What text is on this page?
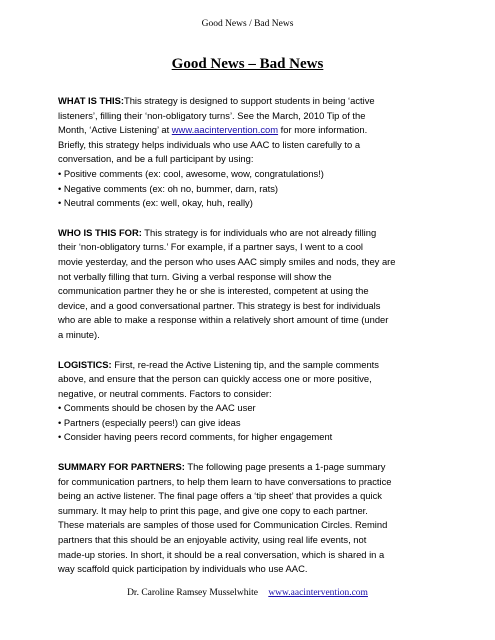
Good News / Bad News
Good News – Bad News

WHAT IS THIS:This strategy is designed to support students in being ‘active
listeners’, filling their ‘non-obligatory turns’. See the March, 2010 Tip of the
Month, ‘Active Listening’ at www.aacintervention.com for more information.
Briefly, this strategy helps individuals who use AAC to listen carefully to a
conversation, and be a full participant by using:

• Positive comments (ex: cool, awesome, wow, congratulations!)
• Negative comments (ex: oh no, bummer, darn, rats)
• Neutral comments (ex: well, okay, huh, really)

WHO IS THIS FOR: This strategy is for individuals who are not already filling
their ‘non-obligatory turns.’ For example, if a partner says, I went to a cool
movie yesterday, and the person who uses AAC simply smiles and nods, they are
not verbally filling that turn. Giving a verbal response will show the
communication partner they he or she is interested, competent at using the
device, and a good conversational partner. This strategy is best for individuals
who are able to make a response within a relatively short amount of time (under
a minute).

LOGISTICS: First, re-read the Active Listening tip, and the sample comments
above, and ensure that the person can quickly access one or more positive,
negative, or neutral comments. Factors to consider:

• Comments should be chosen by the AAC user
• Partners (especially peers!) can give ideas
• Consider having peers record comments, for higher engagement

SUMMARY FOR PARTNERS: The following page presents a 1-page summary
for communication partners, to help them learn to have conversations to practice
being an active listener. The final page offers a ‘tip sheet’ that provides a quick
summary. It may help to print this page, and give one copy to each partner.
These materials are samples of those used for Communication Circles. Remind
partners that this should be an enjoyable activity, using real life events, not
made-up stories. In short, it should be a real conversation, which is shared in a
way scaffold quick participation by individuals who use AAC.

Dr. Caroline Ramsey Musselwhite www.aacintervention.com
